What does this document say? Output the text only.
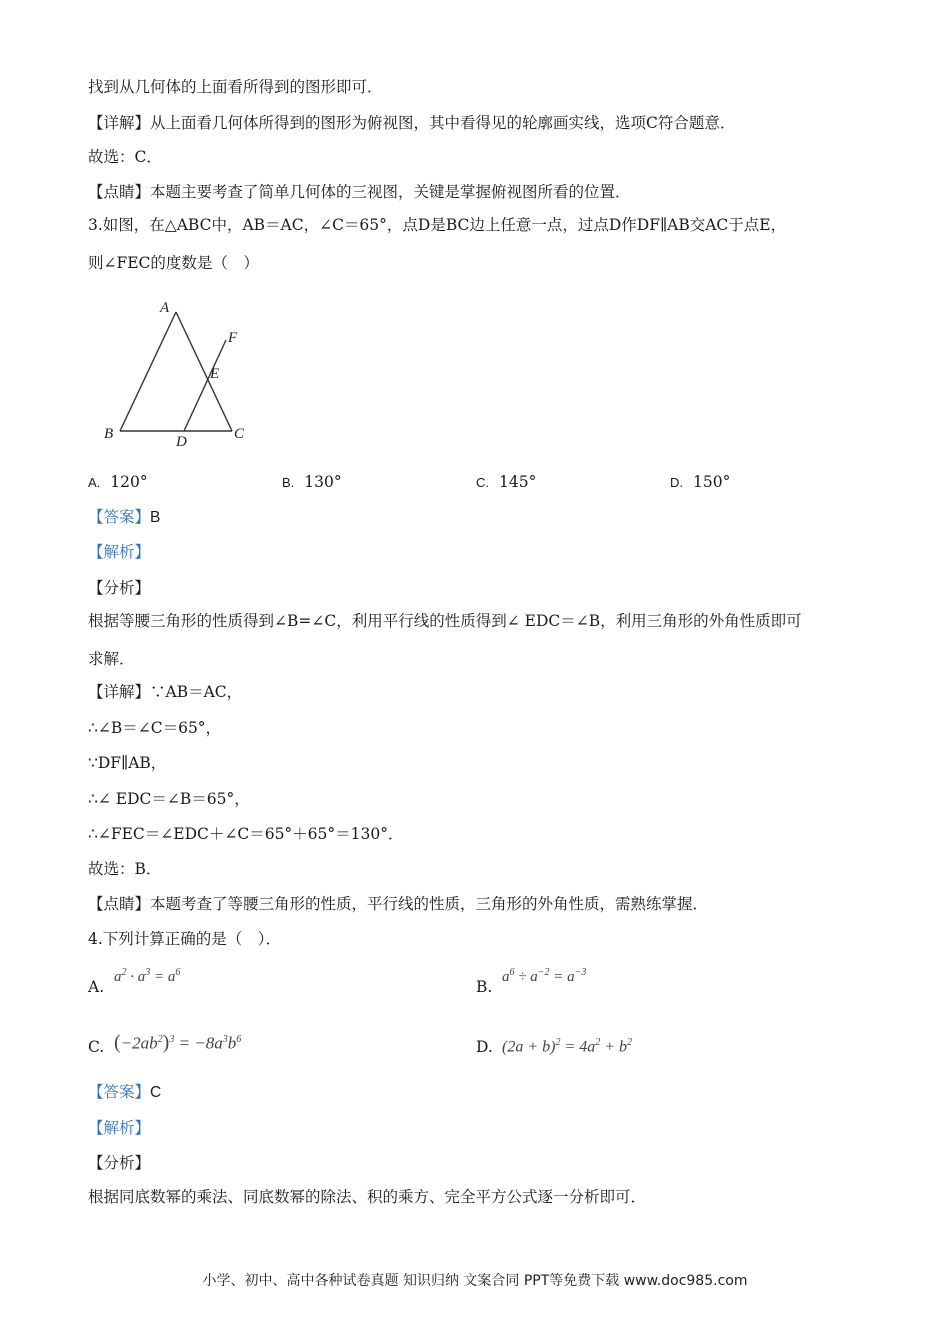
找到从几何体的上面看所得到的图形即可．
【详解】从上面看几何体所得到的图形为俯视图，其中看得见的轮廓画实线，选项C符合题意．
故选：C．
【点睛】本题主要考查了简单几何体的三视图，关键是掌握俯视图所看的位置．
3.如图，在△ABC中，AB＝AC，∠C＝65°，点D是BC边上任意一点，过点D作DF∥AB交AC于点E，
则∠FEC的度数是（　）
A
B	C
D
E
F
A. 120°	B. 130°	C. 145°	D. 150°
【答案】B
【解析】
【分析】
根据等腰三角形的性质得到∠B=∠C，利用平行线的性质得到∠ EDC＝∠B，利用三角形的外角性质即可
求解．
【详解】∵AB＝AC，
∴∠B＝∠C＝65°，
∵DF∥AB，
∴∠ EDC＝∠B＝65°，
∴∠FEC＝∠EDC＋∠C＝65°＋65°＝130°．
故选：B．
【点睛】本题考查了等腰三角形的性质，平行线的性质，三角形的外角性质，需熟练掌握．
4.下列计算正确的是（　）．
A.
$a^2 \cdot a^3 = a^6$
B.
$a^6 \div a^{-2} = a^{-3}$
C. $(-2ab^2)^3 = -8a^3b^6$	D. $(2a + b)^2 = 4a^2 + b^2$
【答案】C
【解析】
【分析】
根据同底数幂的乘法、同底数幂的除法、积的乘方、完全平方公式逐一分析即可．
小学、初中、高中各种试卷真题 知识归纳 文案合同 PPT等免费下载 www.doc985.com
